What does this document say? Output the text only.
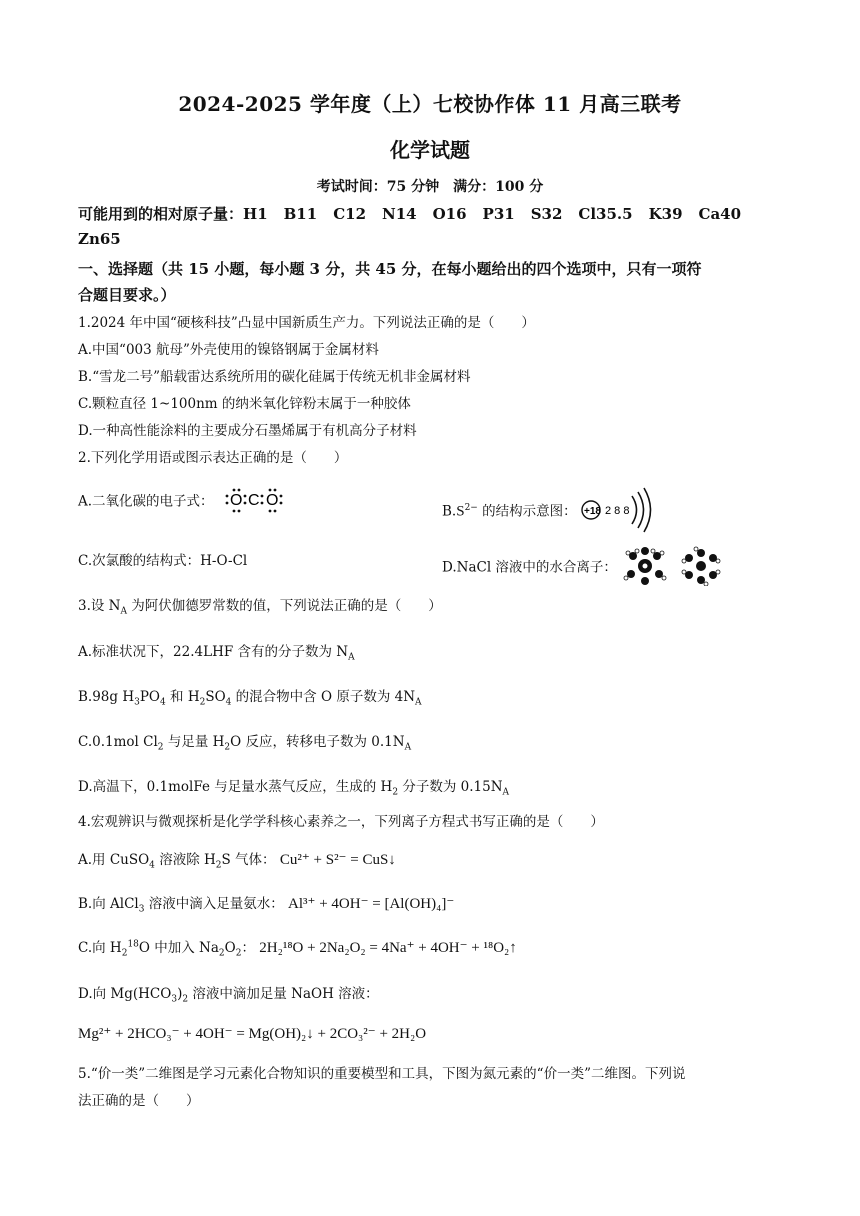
2024-2025 学年度（上）七校协作体 11 月高三联考
化学试题
考试时间：75 分钟　满分：100 分
可能用到的相对原子量：H1 B11 C12 N14 O16 P31 S32 Cl35.5 K39 Ca40
Zn65
一、选择题（共 15 小题，每小题 3 分，共 45 分，在每小题给出的四个选项中，只有一项符
合题目要求。）
1.2024 年中国“硬核科技”凸显中国新质生产力。下列说法正确的是（　　）
A.中国“003 航母”外壳使用的镍铬钢属于金属材料
B.“雪龙二号”船载雷达系统所用的碳化硅属于传统无机非金属材料
C.颗粒直径 1~100nm 的纳米氧化锌粉末属于一种胶体
D.一种高性能涂料的主要成分石墨烯属于有机高分子材料
2.下列化学用语或图示表达正确的是（　　）
A.二氧化碳的电子式： O C O
$B.S^{2-}$ 的结构示意图： +18 2 8 8
C.次氯酸的结构式：H-O-Cl	D.NaCl 溶液中的水合离子：
3.设 $N_A$ 为阿伏伽德罗常数的值，下列说法正确的是（　　）
A.标准状况下，22.4LHF 含有的分子数为 $N_A$
B.98g $H_3PO_4$ 和 $H_2SO_4$ 的混合物中含 O 原子数为 $4N_A$
C.0.1mol $Cl_2$ 与足量 $H_2O$ 反应，转移电子数为 $0.1N_A$
D.高温下，0.1molFe 与足量水蒸气反应，生成的 $H_2$ 分子数为 $0.15N_A$
4.宏观辨识与微观探析是化学学科核心素养之一，下列离子方程式书写正确的是（　　）
A.用 CuSO$_4$ 溶液除 $H_2S$ 气体： Cu²⁺ + S²⁻ = CuS↓
B.向 AlCl$_3$ 溶液中滴入足量氨水： Al³⁺ + 4OH⁻ = [Al(OH)₄]⁻
C.向 $H_2^{18}O$ 中加入 $Na_2O_2$： 2H₂¹⁸O + 2Na₂O₂ = 4Na⁺ + 4OH⁻ + ¹⁸O₂↑
D.向 $Mg(HCO_3)_2$ 溶液中滴加足量 NaOH 溶液：
Mg²⁺ + 2HCO₃⁻ + 4OH⁻ = Mg(OH)₂↓ + 2CO₃²⁻ + 2H₂O
5.“价一类”二维图是学习元素化合物知识的重要模型和工具，下图为氮元素的“价一类”二维图。下列说
法正确的是（　　）
